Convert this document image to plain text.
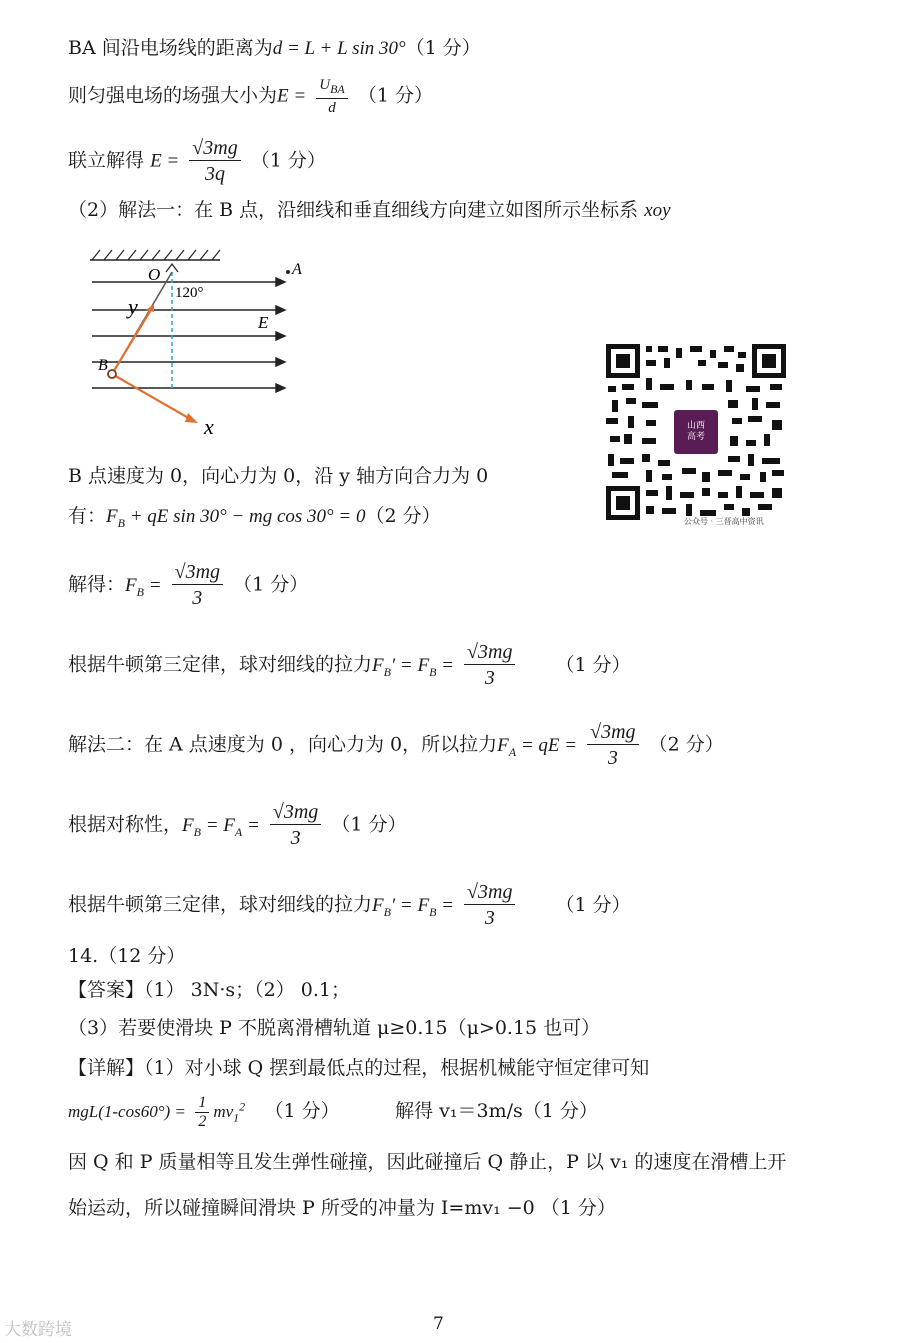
BA 间沿电场线的距离为d = L + L sin 30°（1 分）
则匀强电场的场强大小为$E = \frac{U_{BA}}{d} (1$ 分）
联立解得 $E = \frac{√3mg}{3q} (1$ 分）
（2）解法一：在 B 点，沿细线和垂直细线方向建立如图所示坐标系 xoy
O	A
120°
E
y
B
x	山西
高考
公众号 · 三晋高中资讯
B 点速度为 0，向心力为 0，沿 y 轴方向合力为 0
有：$F_B$ + qE sin 30° − mg cos 30° = 0（2 分）
解得：$F_B = \frac{√3mg}{3} (1$ 分）
根据牛顿第三定律，球对细线的拉力$F_B' = F_B = \frac{√3mg}{3} (1$ 分）
解法二：在 A 点速度为 0 ，向心力为 0，所以拉力$F_A$ = qE = $\frac{√3mg}{3} (2$ 分）
根据对称性，$F_B = F_A = \frac{√3mg}{3} (1$ 分）
根据牛顿第三定律，球对细线的拉力$F_B' = F_B = \frac{√3mg}{3} (1$ 分）
14.（12 分）
【答案】（1） 3N·s；（2） 0.1；
（3）若要使滑块 P 不脱离滑槽轨道 μ≥0.15（μ>0.15 也可）
【详解】（1）对小球 Q 摆到最低点的过程，根据机械能守恒定律可知
$mgL(1-\cos 60^\circ) = \frac{1}{2} mv_1^2$ （1 分）	解得 v₁＝3m/s（1 分）
因 Q 和 P 质量相等且发生弹性碰撞，因此碰撞后 Q 静止，P 以 v₁ 的速度在滑槽上开
始运动，所以碰撞瞬间滑块 P 所受的冲量为 I=mv₁ −0 （1 分）
7
大数跨境
